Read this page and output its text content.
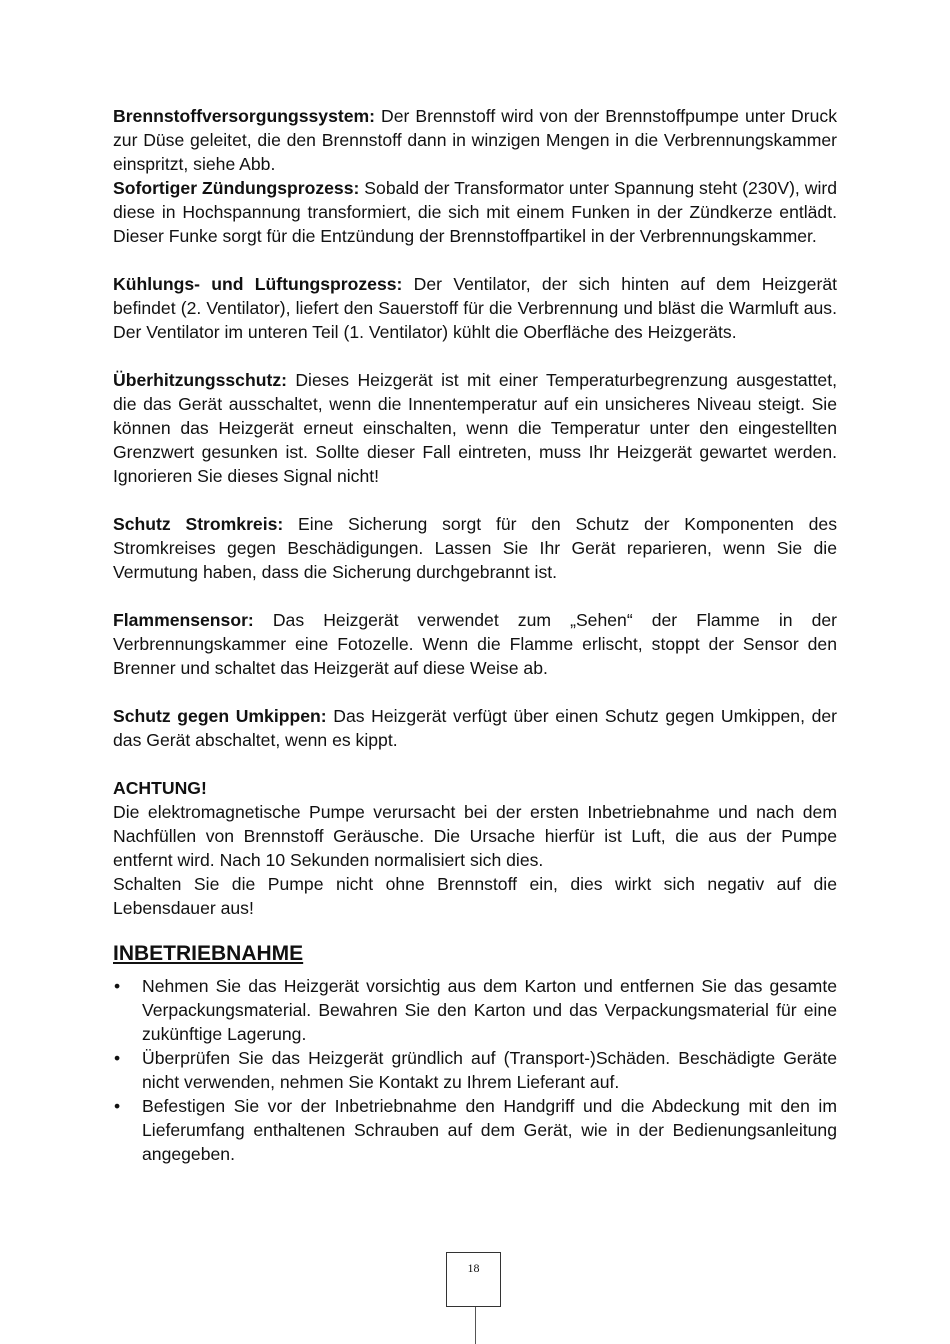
Brennstoffversorgungssystem: Der Brennstoff wird von der Brennstoffpumpe unter Druck zur Düse geleitet, die den Brennstoff dann in winzigen Mengen in die Verbrennungskammer einspritzt, siehe Abb.

Sofortiger Zündungsprozess: Sobald der Transformator unter Spannung steht (230V), wird diese in Hochspannung transformiert, die sich mit einem Funken in der Zündkerze entlädt. Dieser Funke sorgt für die Entzündung der Brennstoffpartikel in der Verbrennungskammer.

Kühlungs- und Lüftungsprozess: Der Ventilator, der sich hinten auf dem Heizgerät befindet (2. Ventilator), liefert den Sauerstoff für die Verbrennung und bläst die Warmluft aus. Der Ventilator im unteren Teil (1. Ventilator) kühlt die Oberfläche des Heizgeräts.

Überhitzungsschutz: Dieses Heizgerät ist mit einer Temperaturbegrenzung ausgestattet, die das Gerät ausschaltet, wenn die Innentemperatur auf ein unsicheres Niveau steigt. Sie können das Heizgerät erneut einschalten, wenn die Temperatur unter den eingestellten Grenzwert gesunken ist. Sollte dieser Fall eintreten, muss Ihr Heizgerät gewartet werden. Ignorieren Sie dieses Signal nicht!

Schutz Stromkreis: Eine Sicherung sorgt für den Schutz der Komponenten des Stromkreises gegen Beschädigungen. Lassen Sie Ihr Gerät reparieren, wenn Sie die Vermutung haben, dass die Sicherung durchgebrannt ist.

Flammensensor: Das Heizgerät verwendet zum „Sehen“ der Flamme in der Verbrennungskammer eine Fotozelle. Wenn die Flamme erlischt, stoppt der Sensor den Brenner und schaltet das Heizgerät auf diese Weise ab.

Schutz gegen Umkippen: Das Heizgerät verfügt über einen Schutz gegen Umkippen, der das Gerät abschaltet, wenn es kippt.

ACHTUNG!

Die elektromagnetische Pumpe verursacht bei der ersten Inbetriebnahme und nach dem Nachfüllen von Brennstoff Geräusche. Die Ursache hierfür ist Luft, die aus der Pumpe entfernt wird. Nach 10 Sekunden normalisiert sich dies.

Schalten Sie die Pumpe nicht ohne Brennstoff ein, dies wirkt sich negativ auf die Lebensdauer aus!

INBETRIEBNAHME
• Nehmen Sie das Heizgerät vorsichtig aus dem Karton und entfernen Sie das gesamte Verpackungsmaterial. Bewahren Sie den Karton und das Verpackungsmaterial für eine zukünftige Lagerung.
• Überprüfen Sie das Heizgerät gründlich auf (Transport-)Schäden. Beschädigte Geräte nicht verwenden, nehmen Sie Kontakt zu Ihrem Lieferant auf.
• Befestigen Sie vor der Inbetriebnahme den Handgriff und die Abdeckung mit den im Lieferumfang enthaltenen Schrauben auf dem Gerät, wie in der Bedienungsanleitung angegeben.
18
